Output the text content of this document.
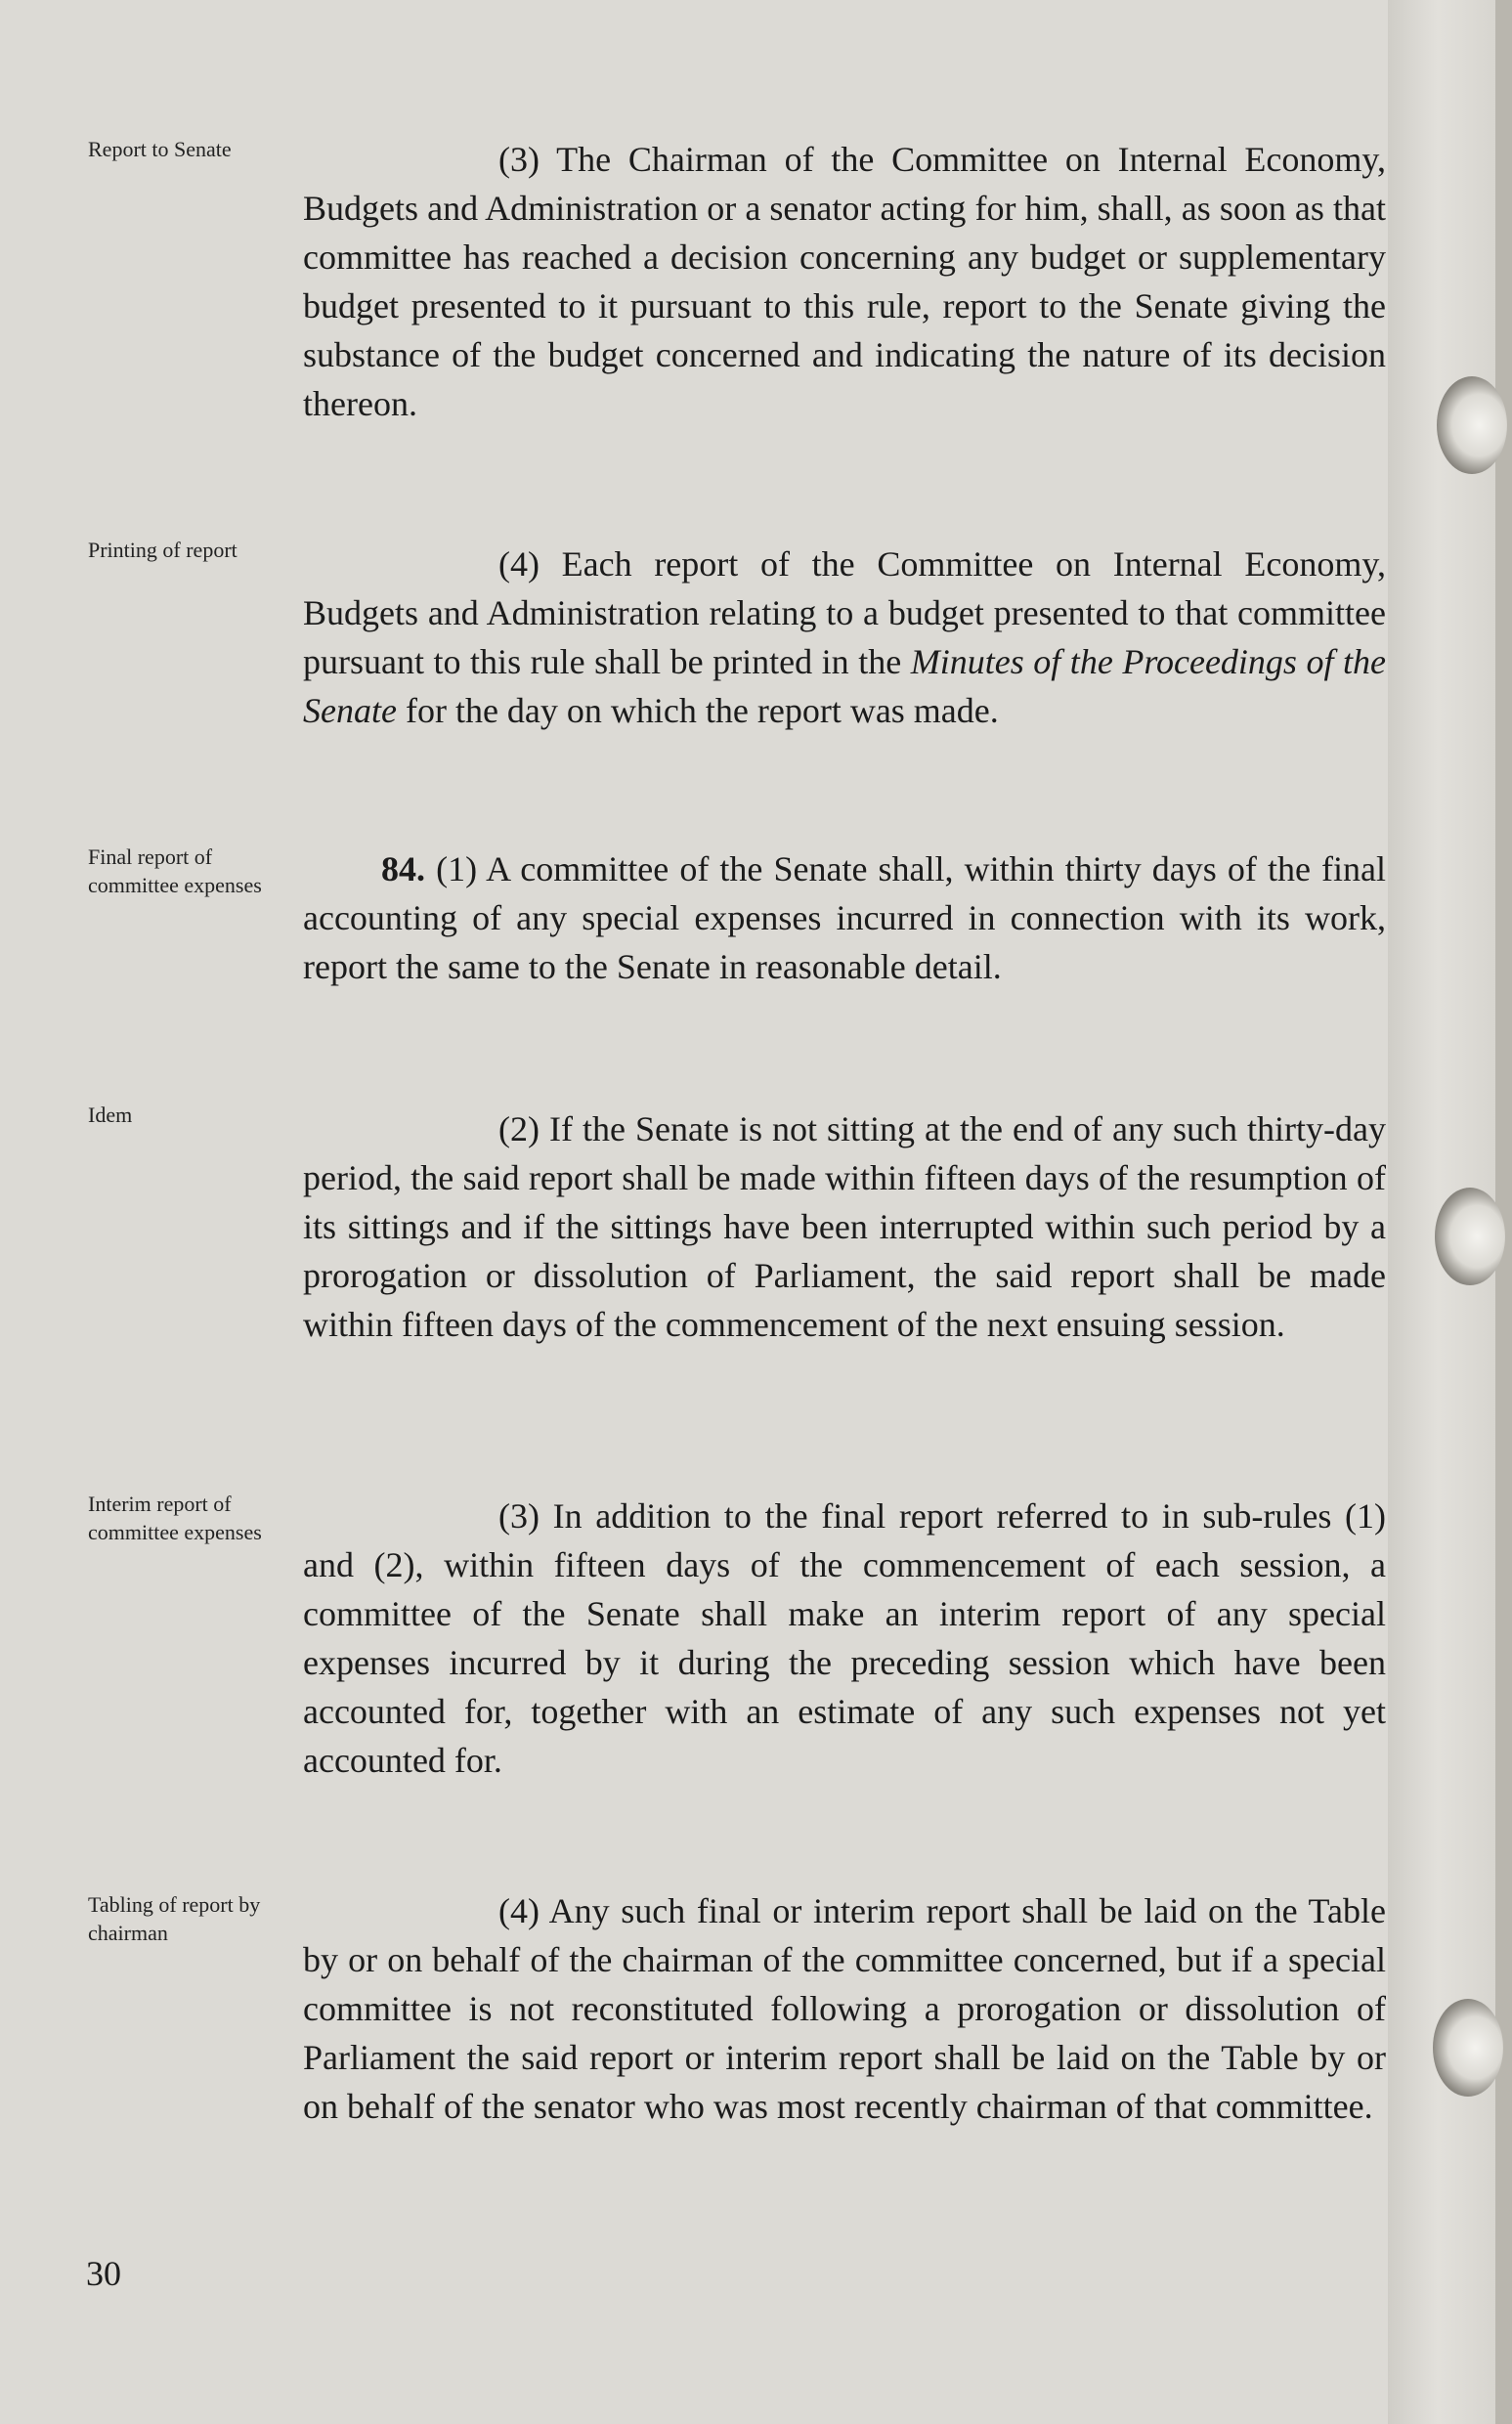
Report to Senate	(3) The Chairman of the Committee on Internal Economy, Budgets and Administration or a senator acting for him, shall, as soon as that committee has reached a decision concerning any budget or supplementary budget presented to it pursuant to this rule, report to the Senate giving the substance of the budget concerned and indicating the nature of its decision thereon.
Printing of report	(4) Each report of the Committee on Internal Economy, Budgets and Administration relating to a budget presented to that committee pursuant to this rule shall be printed in the Minutes of the Proceedings of the Senate for the day on which the report was made.
Final report of committee expenses	84. (1) A committee of the Senate shall, within thirty days of the final accounting of any special expenses incurred in connection with its work, report the same to the Senate in reasonable detail.
Idem	(2) If the Senate is not sitting at the end of any such thirty-day period, the said report shall be made within fifteen days of the resumption of its sittings and if the sittings have been interrupted within such period by a prorogation or dissolution of Parliament, the said report shall be made within fifteen days of the commencement of the next ensuing session.
Interim report of committee expenses	(3) In addition to the final report referred to in sub-rules (1) and (2), within fifteen days of the commencement of each session, a committee of the Senate shall make an interim report of any special expenses incurred by it during the preceding session which have been accounted for, together with an estimate of any such expenses not yet accounted for.
Tabling of report by chairman
(4) Any such final or interim report shall be laid on the Table by or on behalf of the chairman of the committee concerned, but if a special committee is not reconstituted following a prorogation or dissolution of Parliament the said report or interim report shall be laid on the Table by or on behalf of the senator who was most recently chairman of that committee.
30
